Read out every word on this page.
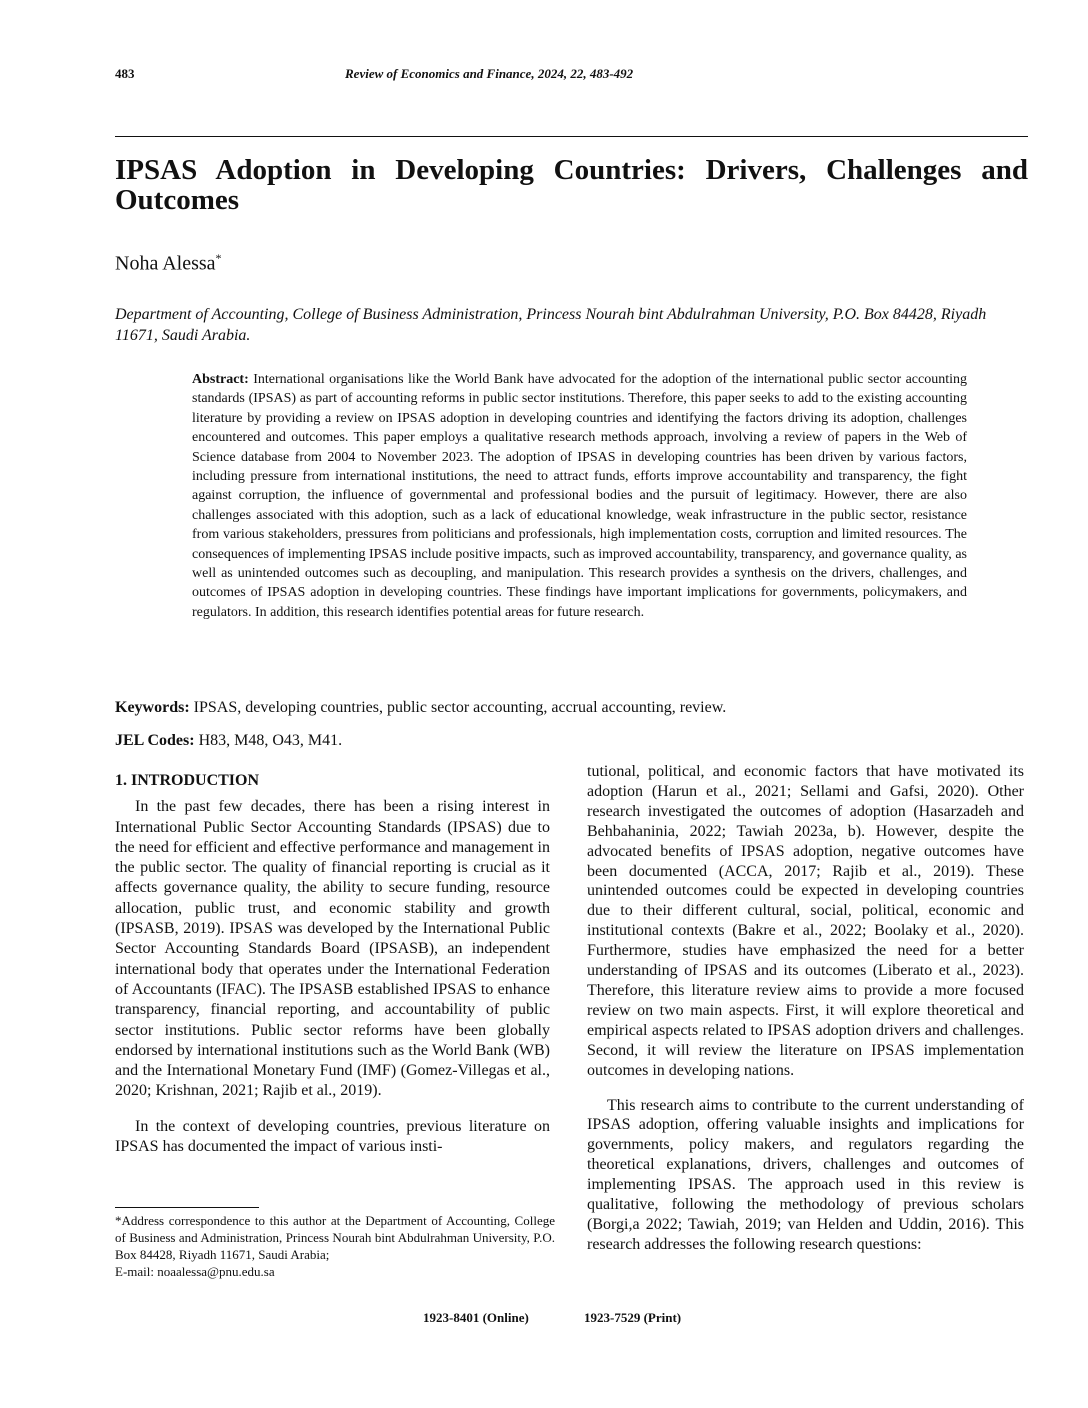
483	Review of Economics and Finance, 2024, 22, 483-492
IPSAS Adoption in Developing Countries: Drivers, Challenges and Outcomes
Noha Alessa*
Department of Accounting, College of Business Administration, Princess Nourah bint Abdulrahman University, P.O. Box 84428, Riyadh 11671, Saudi Arabia.
Abstract: International organisations like the World Bank have advocated for the adoption of the international public sector accounting standards (IPSAS) as part of accounting reforms in public sector institutions. Therefore, this paper seeks to add to the existing accounting literature by providing a review on IPSAS adoption in developing countries and identifying the factors driving its adoption, challenges encountered and outcomes. This paper employs a qualitative research methods approach, involving a review of papers in the Web of Science database from 2004 to November 2023. The adoption of IPSAS in developing countries has been driven by various factors, including pressure from international institutions, the need to attract funds, efforts improve accountability and transparency, the fight against corruption, the influence of governmental and professional bodies and the pursuit of legitimacy. However, there are also challenges associated with this adoption, such as a lack of educational knowledge, weak infrastructure in the public sector, resistance from various stakeholders, pressures from politicians and professionals, high implementation costs, corruption and limited resources. The consequences of implementing IPSAS include positive impacts, such as improved accountability, transparency, and governance quality, as well as unintended outcomes such as decoupling, and manipulation. This research provides a synthesis on the drivers, challenges, and outcomes of IPSAS adoption in developing countries. These findings have important implications for governments, policymakers, and regulators. In addition, this research identifies potential areas for future research.
Keywords: IPSAS, developing countries, public sector accounting, accrual accounting, review.
JEL Codes: H83, M48, O43, M41.
1. INTRODUCTION

In the past few decades, there has been a rising interest in International Public Sector Accounting Standards (IPSAS) due to the need for efficient and effective performance and management in the public sector. The quality of financial reporting is crucial as it affects governance quality, the ability to secure funding, resource allocation, public trust, and economic stability and growth (IPSASB, 2019). IPSAS was developed by the International Public Sector Accounting Standards Board (IPSASB), an independent international body that operates under the International Federation of Accountants (IFAC). The IPSASB established IPSAS to enhance transparency, financial reporting, and accountability of public sector institutions. Public sector reforms have been globally endorsed by international institutions such as the World Bank (WB) and the International Monetary Fund (IMF) (Gomez-Villegas et al., 2020; Krishnan, 2021; Rajib et al., 2019).

In the context of developing countries, previous literature on IPSAS has documented the impact of various insti-

tutional, political, and economic factors that have motivated its adoption (Harun et al., 2021; Sellami and Gafsi, 2020). Other research investigated the outcomes of adoption (Hasarzadeh and Behbahaninia, 2022; Tawiah 2023a, b). However, despite the advocated benefits of IPSAS adoption, negative outcomes have been documented (ACCA, 2017; Rajib et al., 2019). These unintended outcomes could be expected in developing countries due to their different cultural, social, political, economic and institutional contexts (Bakre et al., 2022; Boolaky et al., 2020). Furthermore, studies have emphasized the need for a better understanding of IPSAS and its outcomes (Liberato et al., 2023). Therefore, this literature review aims to provide a more focused review on two main aspects. First, it will explore theoretical and empirical aspects related to IPSAS adoption drivers and challenges. Second, it will review the literature on IPSAS implementation outcomes in developing nations.

This research aims to contribute to the current understanding of IPSAS adoption, offering valuable insights and implications for governments, policy makers, and regulators regarding the theoretical explanations, drivers, challenges and outcomes of implementing IPSAS. The approach used in this review is qualitative, following the methodology of previous scholars (Borgi,a 2022; Tawiah, 2019; van Helden and Uddin, 2016). This research addresses the following research questions:

*Address correspondence to this author at the Department of Accounting, College of Business and Administration, Princess Nourah bint Abdulrahman University, P.O. Box 84428, Riyadh 11671, Saudi Arabia;
E-mail: noaalessa@pnu.edu.sa
1923-8401 (Online)	1923-7529 (Print)
